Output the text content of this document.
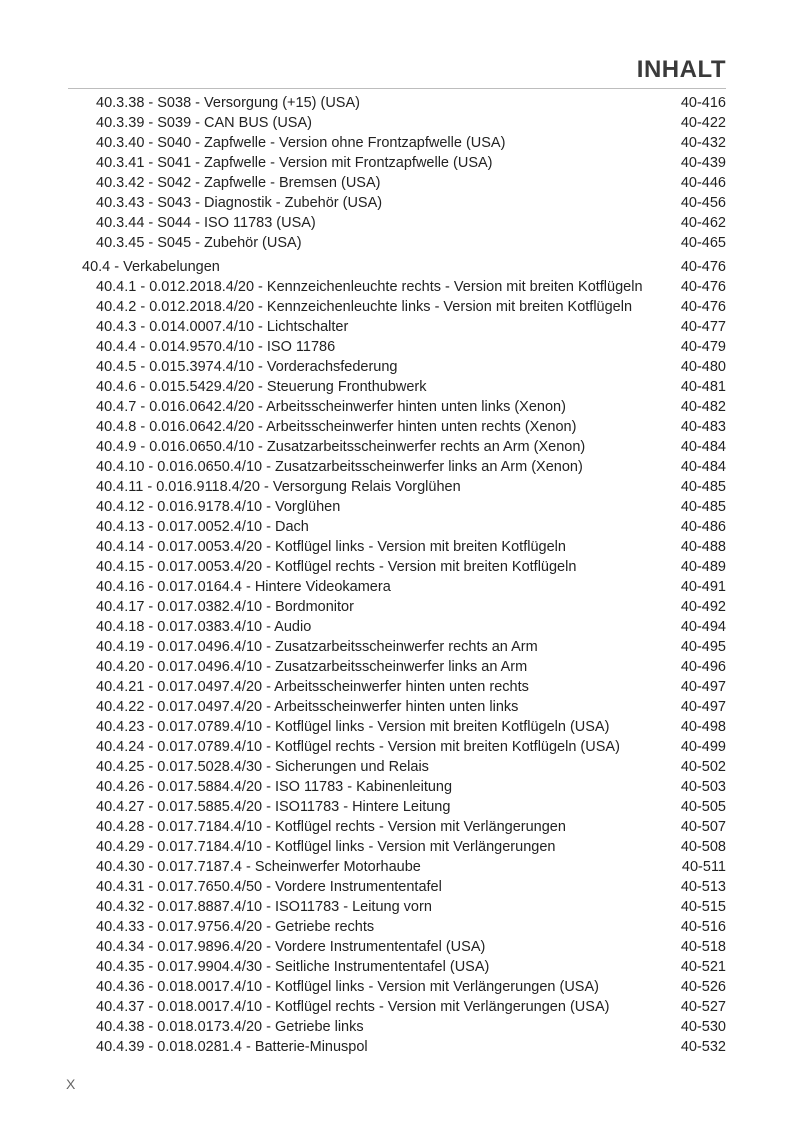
INHALT
40.3.38 - S038 - Versorgung (+15) (USA)	40-416
40.3.39 - S039 - CAN BUS (USA)	40-422
40.3.40 - S040 - Zapfwelle - Version ohne Frontzapfwelle (USA)	40-432
40.3.41 - S041 - Zapfwelle - Version mit Frontzapfwelle (USA)	40-439
40.3.42 - S042 - Zapfwelle - Bremsen (USA)	40-446
40.3.43 - S043 - Diagnostik - Zubehör (USA)	40-456
40.3.44 - S044 - ISO 11783 (USA)	40-462
40.3.45 - S045 - Zubehör (USA)	40-465
40.4 - Verkabelungen	40-476
40.4.1 - 0.012.2018.4/20 - Kennzeichenleuchte rechts - Version mit breiten Kotflügeln	40-476
40.4.2 - 0.012.2018.4/20 - Kennzeichenleuchte links - Version mit breiten Kotflügeln	40-476
40.4.3 - 0.014.0007.4/10 - Lichtschalter	40-477
40.4.4 - 0.014.9570.4/10 - ISO 11786	40-479
40.4.5 - 0.015.3974.4/10 - Vorderachsfederung	40-480
40.4.6 - 0.015.5429.4/20 - Steuerung Fronthubwerk	40-481
40.4.7 - 0.016.0642.4/20 - Arbeitsscheinwerfer hinten unten links (Xenon)	40-482
40.4.8 - 0.016.0642.4/20 - Arbeitsscheinwerfer hinten unten rechts (Xenon)	40-483
40.4.9 - 0.016.0650.4/10 - Zusatzarbeitsscheinwerfer rechts an Arm (Xenon)	40-484
40.4.10 - 0.016.0650.4/10 - Zusatzarbeitsscheinwerfer links an Arm (Xenon)	40-484
40.4.11 - 0.016.9118.4/20 - Versorgung Relais Vorglühen	40-485
40.4.12 - 0.016.9178.4/10 - Vorglühen	40-485
40.4.13 - 0.017.0052.4/10 - Dach	40-486
40.4.14 - 0.017.0053.4/20 - Kotflügel links - Version mit breiten Kotflügeln	40-488
40.4.15 - 0.017.0053.4/20 - Kotflügel rechts - Version mit breiten Kotflügeln	40-489
40.4.16 - 0.017.0164.4 - Hintere Videokamera	40-491
40.4.17 - 0.017.0382.4/10 - Bordmonitor	40-492
40.4.18 - 0.017.0383.4/10 - Audio	40-494
40.4.19 - 0.017.0496.4/10 - Zusatzarbeitsscheinwerfer rechts an Arm	40-495
40.4.20 - 0.017.0496.4/10 - Zusatzarbeitsscheinwerfer links an Arm	40-496
40.4.21 - 0.017.0497.4/20 - Arbeitsscheinwerfer hinten unten rechts	40-497
40.4.22 - 0.017.0497.4/20 - Arbeitsscheinwerfer hinten unten links	40-497
40.4.23 - 0.017.0789.4/10 - Kotflügel links - Version mit breiten Kotflügeln (USA)	40-498
40.4.24 - 0.017.0789.4/10 - Kotflügel rechts - Version mit breiten Kotflügeln (USA)	40-499
40.4.25 - 0.017.5028.4/30 - Sicherungen und Relais	40-502
40.4.26 - 0.017.5884.4/20 - ISO 11783 - Kabinenleitung	40-503
40.4.27 - 0.017.5885.4/20 - ISO11783 - Hintere Leitung	40-505
40.4.28 - 0.017.7184.4/10 - Kotflügel rechts - Version mit Verlängerungen	40-507
40.4.29 - 0.017.7184.4/10 - Kotflügel links - Version mit Verlängerungen	40-508
40.4.30 - 0.017.7187.4 - Scheinwerfer Motorhaube	40-511
40.4.31 - 0.017.7650.4/50 - Vordere Instrumententafel	40-513
40.4.32 - 0.017.8887.4/10 - ISO11783 - Leitung vorn	40-515
40.4.33 - 0.017.9756.4/20 - Getriebe rechts	40-516
40.4.34 - 0.017.9896.4/20 - Vordere Instrumententafel (USA)	40-518
40.4.35 - 0.017.9904.4/30 - Seitliche Instrumententafel (USA)	40-521
40.4.36 - 0.018.0017.4/10 - Kotflügel links - Version mit Verlängerungen (USA)	40-526
40.4.37 - 0.018.0017.4/10 - Kotflügel rechts - Version mit Verlängerungen (USA)	40-527
40.4.38 - 0.018.0173.4/20 - Getriebe links	40-530
40.4.39 - 0.018.0281.4 - Batterie-Minuspol	40-532
X
